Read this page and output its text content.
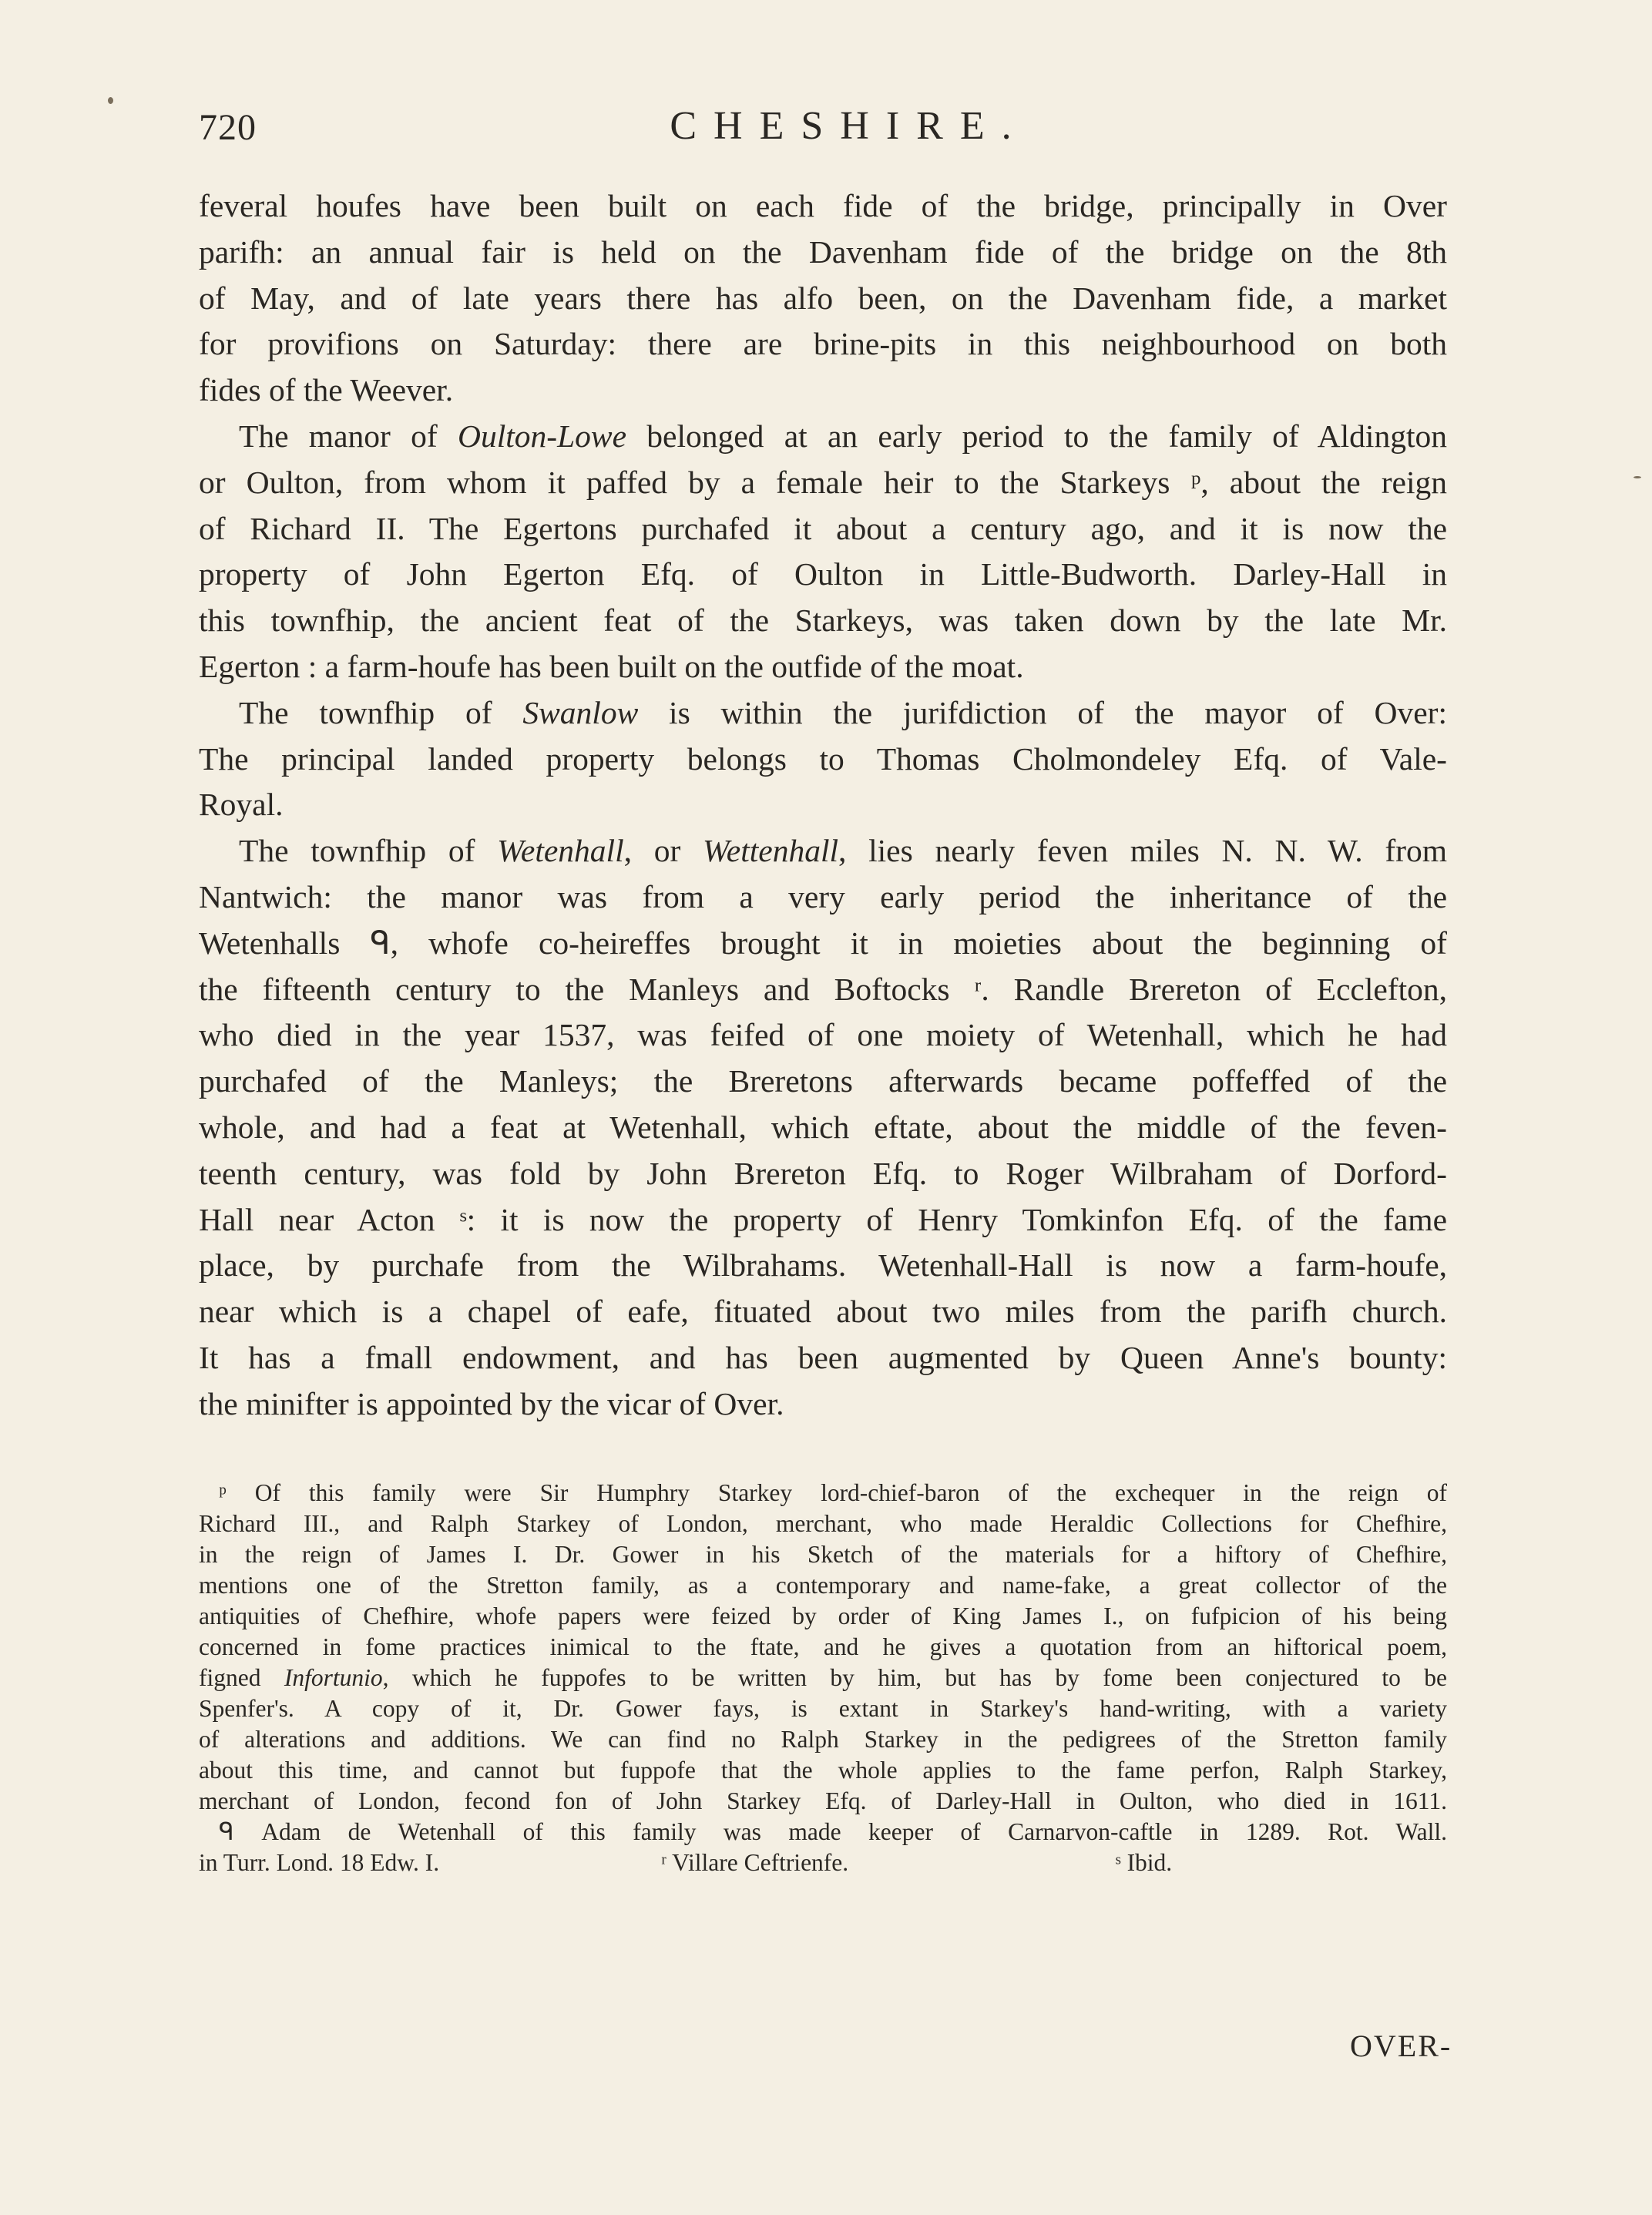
720	CHESHIRE.
feveral houfes have been built on each fide of the bridge, principally in Over
parifh: an annual fair is held on the Davenham fide of the bridge on the 8th
of May, and of late years there has alfo been, on the Davenham fide, a market
for provifions on Saturday: there are brine-pits in this neighbourhood on both
fides of the Weever.
The manor of Oulton-Lowe belonged at an early period to the family of Aldington
or Oulton, from whom it paffed by a female heir to the Starkeys ᵖ, about the reign
of Richard II. The Egertons purchafed it about a century ago, and it is now the
property of John Egerton Efq. of Oulton in Little-Budworth. Darley-Hall in
this townfhip, the ancient feat of the Starkeys, was taken down by the late Mr.
Egerton : a farm-houfe has been built on the outfide of the moat.
The townfhip of Swanlow is within the jurifdiction of the mayor of Over:
The principal landed property belongs to Thomas Cholmondeley Efq. of Vale-
Royal.
The townfhip of Wetenhall, or Wettenhall, lies nearly feven miles N. N. W. from
Nantwich: the manor was from a very early period the inheritance of the
Wetenhalls ᑫ, whofe co-heireffes brought it in moieties about the beginning of
the fifteenth century to the Manleys and Boftocks ʳ. Randle Brereton of Ecclefton,
who died in the year 1537, was feifed of one moiety of Wetenhall, which he had
purchafed of the Manleys; the Breretons afterwards became poffeffed of the
whole, and had a feat at Wetenhall, which eftate, about the middle of the feven-
teenth century, was fold by John Brereton Efq. to Roger Wilbraham of Dorford-
Hall near Acton ˢ: it is now the property of Henry Tomkinfon Efq. of the fame
place, by purchafe from the Wilbrahams. Wetenhall-Hall is now a farm-houfe,
near which is a chapel of eafe, fituated about two miles from the parifh church.
It has a fmall endowment, and has been augmented by Queen Anne's bounty:
the minifter is appointed by the vicar of Over.
ᵖ Of this family were Sir Humphry Starkey lord-chief-baron of the exchequer in the reign of
Richard III., and Ralph Starkey of London, merchant, who made Heraldic Collections for Chefhire,
in the reign of James I. Dr. Gower in his Sketch of the materials for a hiftory of Chefhire,
mentions one of the Stretton family, as a contemporary and name-fake, a great collector of the
antiquities of Chefhire, whofe papers were feized by order of King James I., on fufpicion of his being
concerned in fome practices inimical to the ftate, and he gives a quotation from an hiftorical poem,
figned Infortunio, which he fuppofes to be written by him, but has by fome been conjectured to be
Spenfer's. A copy of it, Dr. Gower fays, is extant in Starkey's hand-writing, with a variety
of alterations and additions. We can find no Ralph Starkey in the pedigrees of the Stretton family
about this time, and cannot but fuppofe that the whole applies to the fame perfon, Ralph Starkey,
merchant of London, fecond fon of John Starkey Efq. of Darley-Hall in Oulton, who died in 1611.
ᑫ Adam de Wetenhall of this family was made keeper of Carnarvon-caftle in 1289. Rot. Wall.
in Turr. Lond. 18 Edw. I.	ʳ Villare Ceftrienfe.	ˢ Ibid.
OVER-
